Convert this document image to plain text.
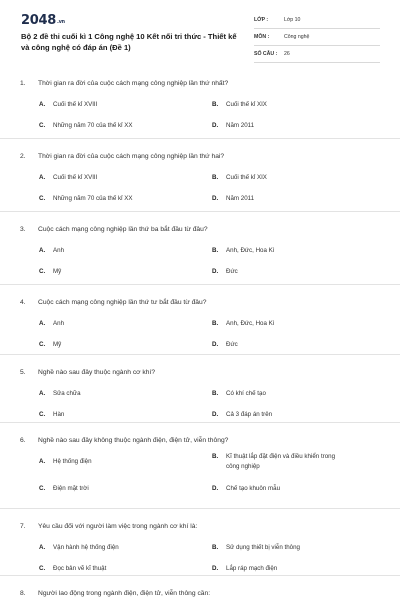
2048.vn
Bộ 2 đề thi cuối kì 1 Công nghệ 10 Kết nối tri thức - Thiết kế và công nghệ có đáp án (Đề 1)
LỚP :	Lớp 10
MÔN :	Công nghệ
SỐ CÂU : 26
1. Thời gian ra đời của cuộc cách mạng công nghiệp lần thứ nhất?
A. Cuối thế kỉ XVIII	B. Cuối thế kỉ XIX
C. Những năm 70 của thế kỉ XX	D. Năm 2011
2. Thời gian ra đời của cuộc cách mạng công nghiệp lần thứ hai?
A. Cuối thế kỉ XVIII	B. Cuối thế kỉ XIX
C. Những năm 70 của thế kỉ XX	D. Năm 2011
3. Cuộc cách mạng công nghiệp lần thứ ba bắt đầu từ đâu?
A. Anh	B. Anh, Đức, Hoa Kì
C. Mỹ	D. Đức
4. Cuộc cách mạng công nghiệp lần thứ tư bắt đầu từ đâu?
A. Anh	B. Anh, Đức, Hoa Kì
C. Mỹ	D. Đức
5. Nghề nào sau đây thuộc ngành cơ khí?
A. Sửa chữa	B. Có khí chế tạo
C. Hàn	D. Cả 3 đáp án trên
6. Nghề nào sau đây không thuộc ngành điện, điện tử, viễn thông?
A. Hệ thống điện
B. Kĩ thuật lắp đặt điện và điều khiển trong
công nghiệp
C. Điện mặt trời	D. Chế tạo khuôn mẫu
7. Yêu cầu đối với người làm việc trong ngành cơ khí là:
A. Vận hành hệ thống điện	B. Sử dụng thiết bị viễn thông
C. Đọc bản vẽ kĩ thuật	D. Lắp ráp mạch điện
8. Người lao động trong ngành điện, điện tử, viễn thông cần:
